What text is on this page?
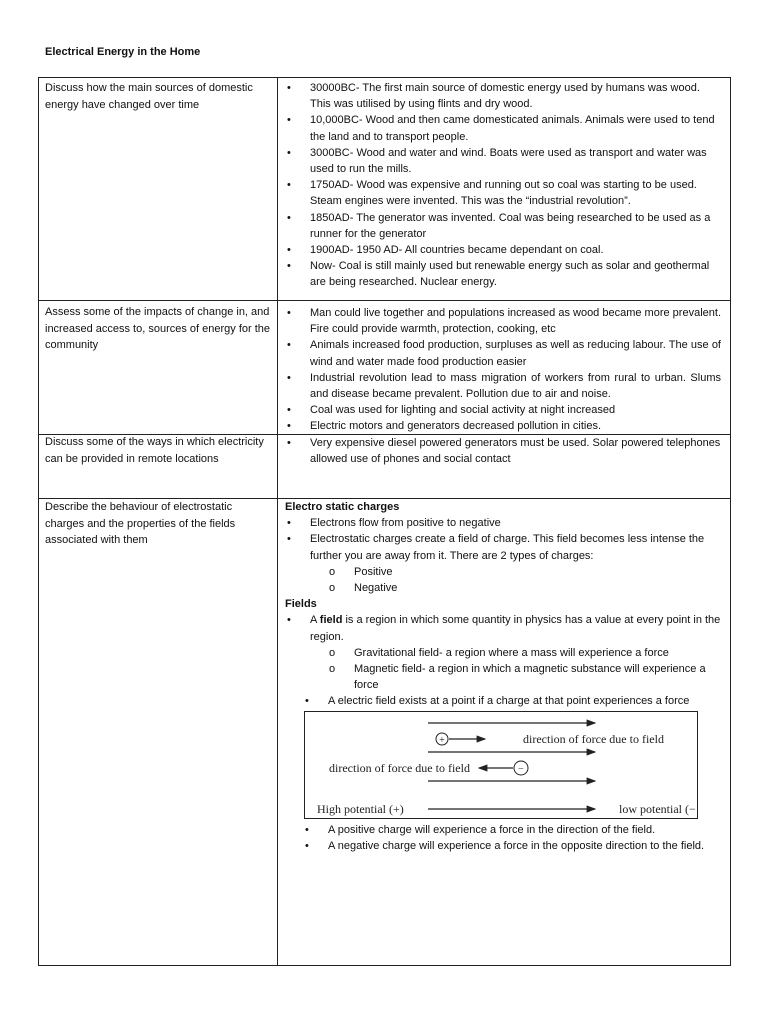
Electrical Energy in the Home
Discuss how the main sources of domestic energy have changed over time
• 30000BC- The first main source of domestic energy used by humans was wood. This was utilised by using flints and dry wood.
• 10,000BC- Wood and then came domesticated animals. Animals were used to tend the land and to transport people.
• 3000BC- Wood and water and wind. Boats were used as transport and water was used to run the mills.
• 1750AD- Wood was expensive and running out so coal was starting to be used. Steam engines were invented. This was the “industrial revolution”.
• 1850AD- The generator was invented. Coal was being researched to be used as a runner for the generator
• 1900AD- 1950 AD- All countries became dependant on coal.
• Now- Coal is still mainly used but renewable energy such as solar and geothermal are being researched. Nuclear energy.
Assess some of the impacts of change in, and increased access to, sources of energy for the community
• Man could live together and populations increased as wood became more prevalent. Fire could provide warmth, protection, cooking, etc
• Animals increased food production, surpluses as well as reducing labour. The use of wind and water made food production easier
• Industrial revolution lead to mass migration of workers from rural to urban. Slums and disease became prevalent. Pollution due to air and noise.
• Coal was used for lighting and social activity at night increased
• Electric motors and generators decreased pollution in cities.
Discuss some of the ways in which electricity can be provided in remote locations
• Very expensive diesel powered generators must be used. Solar powered telephones allowed use of phones and social contact
Describe the behaviour of electrostatic charges and the properties of the fields associated with them
Electro static charges
• Electrons flow from positive to negative
• Electrostatic charges create a field of charge. This field becomes less intense the further you are away from it. There are 2 types of charges:
o Positive
o Negative
Fields
• A field is a region in which some quantity in physics has a value at every point in the region.
o Gravitational field- a region where a mass will experience a force
o Magnetic field- a region in which a magnetic substance will experience a force
• A electric field exists at a point if a charge at that point experiences a force
+	direction of force due to field
direction of force due to field	−
High potential (+)	low potential (−
• A positive charge will experience a force in the direction of the field.
• A negative charge will experience a force in the opposite direction to the field.
